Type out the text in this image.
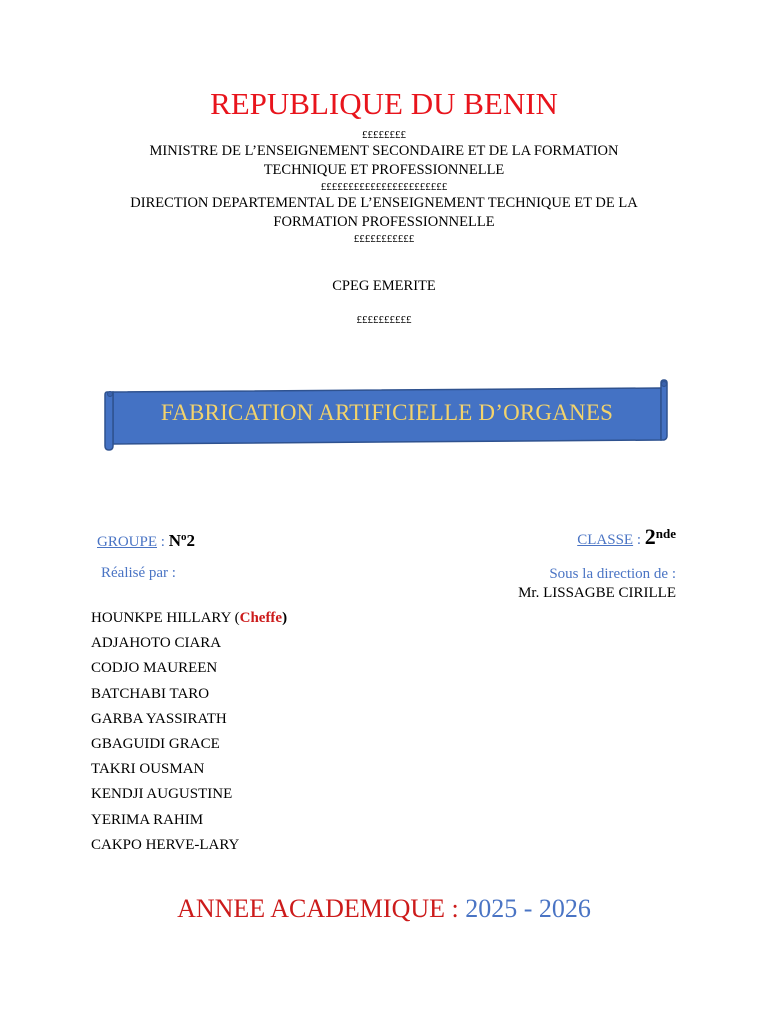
REPUBLIQUE DU BENIN
££££££££
MINISTRE DE L’ENSEIGNEMENT SECONDAIRE ET DE LA FORMATION
TECHNIQUE ET PROFESSIONNELLE
£££££££££££££££££££££££
DIRECTION DEPARTEMENTAL DE L’ENSEIGNEMENT TECHNIQUE ET DE LA
FORMATION PROFESSIONNELLE
£££££££££££
CPEG EMERITE
££££££££££
FABRICATION ARTIFICIELLE D’ORGANES
GROUPE : $N^o2$	CLASSE : 2nde
Réalisé par :	Sous la direction de :
Mr. LISSAGBE CIRILLE
HOUNKPE HILLARY (Cheffe)
ADJAHOTO CIARA
CODJO MAUREEN
BATCHABI TARO
GARBA YASSIRATH
GBAGUIDI GRACE
TAKRI OUSMAN
KENDJI AUGUSTINE
YERIMA RAHIM
CAKPO HERVE-LARY
ANNEE ACADEMIQUE : 2025 - 2026
